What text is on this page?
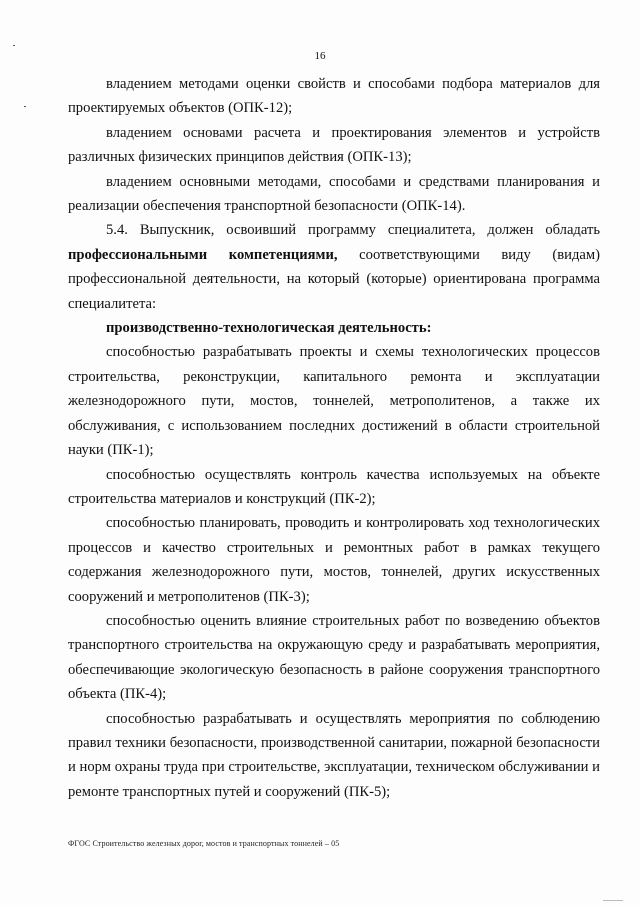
16

владением методами оценки свойств и способами подбора материалов для проектируемых объектов (ОПК-12);

владением основами расчета и проектирования элементов и устройств различных физических принципов действия (ОПК-13);

владением основными методами, способами и средствами планирования и реализации обеспечения транспортной безопасности (ОПК-14).

5.4. Выпускник, освоивший программу специалитета, должен обладать профессиональными компетенциями, соответствующими виду (видам) профессиональной деятельности, на который (которые) ориентирована программа специалитета:

производственно-технологическая деятельность:

способностью разрабатывать проекты и схемы технологических процессов строительства, реконструкции, капитального ремонта и эксплуатации железнодорожного пути, мостов, тоннелей, метрополитенов, а также их обслуживания, с использованием последних достижений в области строительной науки (ПК-1);

способностью осуществлять контроль качества используемых на объекте строительства материалов и конструкций (ПК-2);

способностью планировать, проводить и контролировать ход технологических процессов и качество строительных и ремонтных работ в рамках текущего содержания железнодорожного пути, мостов, тоннелей, других искусственных сооружений и метрополитенов (ПК-3);

способностью оценить влияние строительных работ по возведению объектов транспортного строительства на окружающую среду и разрабатывать мероприятия, обеспечивающие экологическую безопасность в районе сооружения транспортного объекта (ПК-4);

способностью разрабатывать и осуществлять мероприятия по соблюдению правил техники безопасности, производственной санитарии, пожарной безопасности и норм охраны труда при строительстве, эксплуатации, техническом обслуживании и ремонте транспортных путей и сооружений (ПК-5);

ФГОС Строительство железных дорог, мостов и транспортных тоннелей – 05
